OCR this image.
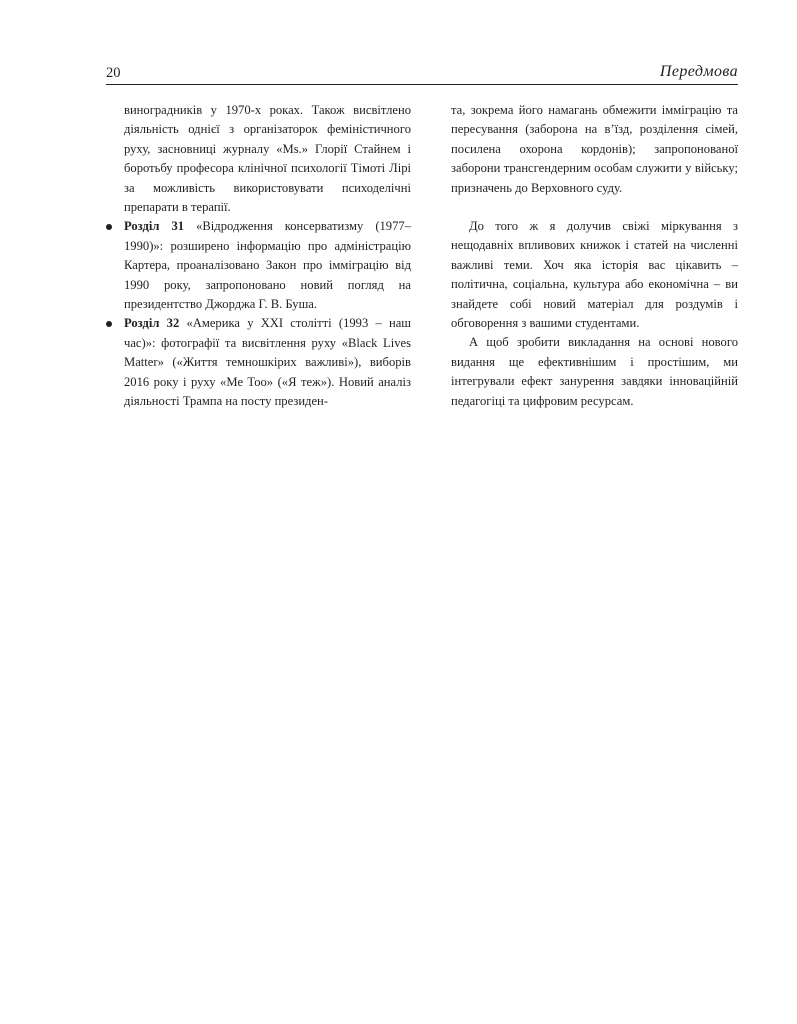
20	Передмова

виноградників у 1970-х роках. Також висвітлено діяльність однієї з організаторок феміністичного руху, засновниці журналу «Ms.» Глорії Стайнем і боротьбу професора клінічної психології Тімоті Лірі за можливість використовувати психоделічні препарати в терапії.

Розділ 31 «Відродження консерватизму (1977–1990)»: розширено інформацію про адміністрацію Картера, проаналізовано Закон про імміграцію від 1990 року, запропоновано новий погляд на президентство Джорджа Г. В. Буша.

Розділ 32 «Америка у ХХІ столітті (1993 – наш час)»: фотографії та висвітлення руху «Black Lives Matter» («Життя темношкірих важливі»), виборів 2016 року і руху «Me Too» («Я теж»). Новий аналіз діяльності Трампа на посту президен-

та, зокрема його намагань обмежити імміграцію та пересування (заборона на в’їзд, розділення сімей, посилена охорона кордонів); запропонованої заборони трансгендерним особам служити у війську; призначень до Верховного суду.

До того ж я долучив свіжі міркування з нещодавніх впливових книжок і статей на численні важливі теми. Хоч яка історія вас цікавить – політична, соціальна, культура або економічна – ви знайдете собі новий матеріал для роздумів і обговорення з вашими студентами.

А щоб зробити викладання на основі нового видання ще ефективнішим і простішим, ми інтегрували ефект занурення завдяки інноваційній педагогіці та цифровим ресурсам.
